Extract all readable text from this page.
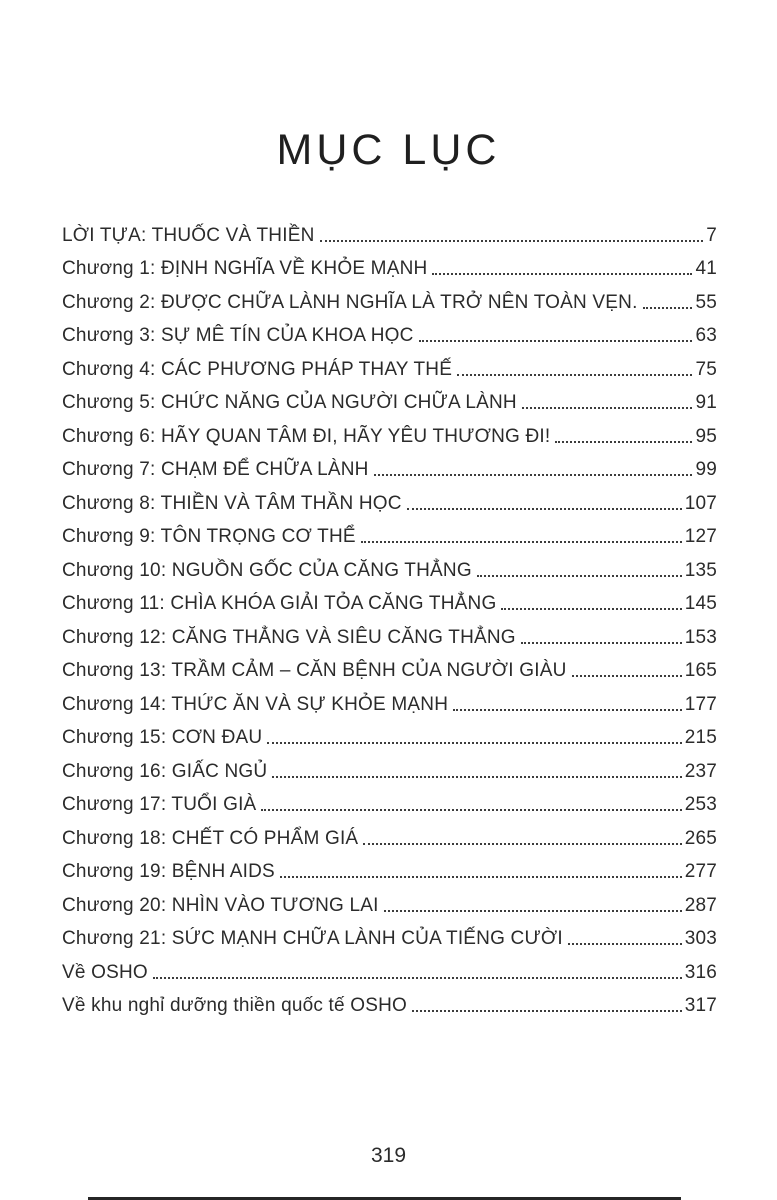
MỤC LỤC
LỜI TỰA: THUỐC VÀ THIỀN	7
Chương 1: ĐỊNH NGHĨA VỀ KHỎE MẠNH	41
Chương 2: ĐƯỢC CHỮA LÀNH NGHĨA LÀ TRỞ NÊN TOÀN VẸN.	55
Chương 3: SỰ MÊ TÍN CỦA KHOA HỌC	63
Chương 4: CÁC PHƯƠNG PHÁP THAY THẾ	75
Chương 5: CHỨC NĂNG CỦA NGƯỜI CHỮA LÀNH	91
Chương 6: HÃY QUAN TÂM ĐI, HÃY YÊU THƯƠNG ĐI!	95
Chương 7: CHẠM ĐỂ CHỮA LÀNH	99
Chương 8: THIỀN VÀ TÂM THẦN HỌC	107
Chương 9: TÔN TRỌNG CƠ THỂ	127
Chương 10: NGUỒN GỐC CỦA CĂNG THẲNG	135
Chương 11: CHÌA KHÓA GIẢI TỎA CĂNG THẲNG	145
Chương 12: CĂNG THẲNG VÀ SIÊU CĂNG THẲNG	153
Chương 13: TRẦM CẢM – CĂN BỆNH CỦA NGƯỜI GIÀU	165
Chương 14: THỨC ĂN VÀ SỰ KHỎE MẠNH	177
Chương 15: CƠN ĐAU	215
Chương 16: GIẤC NGỦ	237
Chương 17: TUỔI GIÀ	253
Chương 18: CHẾT CÓ PHẨM GIÁ	265
Chương 19: BỆNH AIDS	277
Chương 20: NHÌN VÀO TƯƠNG LAI	287
Chương 21: SỨC MẠNH CHỮA LÀNH CỦA TIẾNG CƯỜI	303
Về OSHO	316
Về khu nghỉ dưỡng thiền quốc tế OSHO	317
319
